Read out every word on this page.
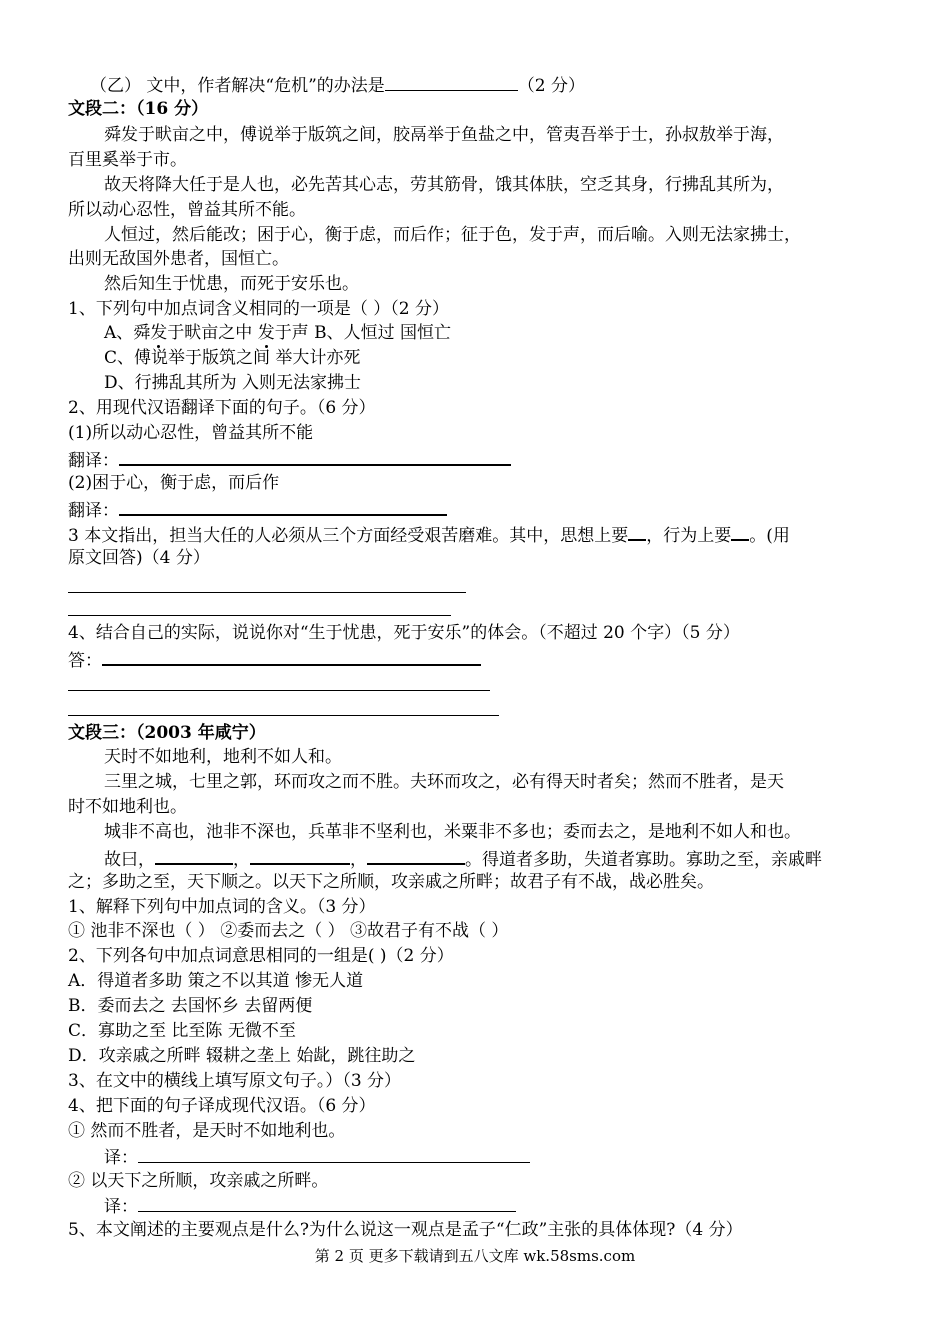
（乙） 文中，作者解决“危机”的办法是	（2 分）
文段二：（16 分）
舜发于畎亩之中，傅说举于版筑之间，胶鬲举于鱼盐之中，管夷吾举于士，孙叔敖举于海，
百里奚举于市。
故天将降大任于是人也，必先苦其心志，劳其筋骨，饿其体肤，空乏其身，行拂乱其所为，
所以动心忍性，曾益其所不能。
人恒过，然后能改；困于心，衡于虑，而后作；征于色，发于声，而后喻。入则无法家拂士，
出则无敌国外患者，国恒亡。
然后知生于忧患，而死于安乐也。
1、下列句中加点词含义相同的一项是（ ）（2 分）
A、舜发于畎亩之中 发于声 B、人恒过 国恒亡
C、傅说举于版筑之间 举大计亦死
D、行拂乱其所为 入则无法家拂士
2、用现代汉语翻译下面的句子。（6 分）
(1)所以动心忍性，曾益其所不能
翻译：
(2)困于心，衡于虑，而后作
翻译：
3 本文指出，担当大任的人必须从三个方面经受艰苦磨难。其中，思想上要 ，行为上要 。(用
原文回答)（4 分）
4、结合自己的实际，说说你对“生于忧患，死于安乐”的体会。（不超过 20 个字）（5 分）
答：
文段三：（2003 年咸宁）
天时不如地利，地利不如人和。
三里之城，七里之郭，环而攻之而不胜。夫环而攻之，必有得天时者矣；然而不胜者，是天
时不如地利也。
城非不高也，池非不深也，兵革非不坚利也，米粟非不多也；委而去之，是地利不如人和也。
故曰，	，	，	。得道者多助，失道者寡助。寡助之至，亲戚畔
之；多助之至，天下顺之。以天下之所顺，攻亲戚之所畔；故君子有不战，战必胜矣。
1、解释下列句中加点词的含义。（3 分）
① 池非不深也（ ） ②委而去之（ ） ③故君子有不战（ ）
2、下列各句中加点词意思相同的一组是( )（2 分）
A．得道者多助 策之不以其道 惨无人道
B．委而去之 去国怀乡 去留两便
C．寡助之至 比至陈 无微不至
D．攻亲戚之所畔 辍耕之垄上 始龀，跳往助之
3、在文中的横线上填写原文句子。）（3 分）
4、把下面的句子译成现代汉语。（6 分）
① 然而不胜者，是天时不如地利也。
译：
② 以天下之所顺，攻亲戚之所畔。
译：
5、本文阐述的主要观点是什么?为什么说这一观点是孟子“仁政”主张的具体体现?（4 分）
第 2 页 更多下载请到五八文库 wk.58sms.com
